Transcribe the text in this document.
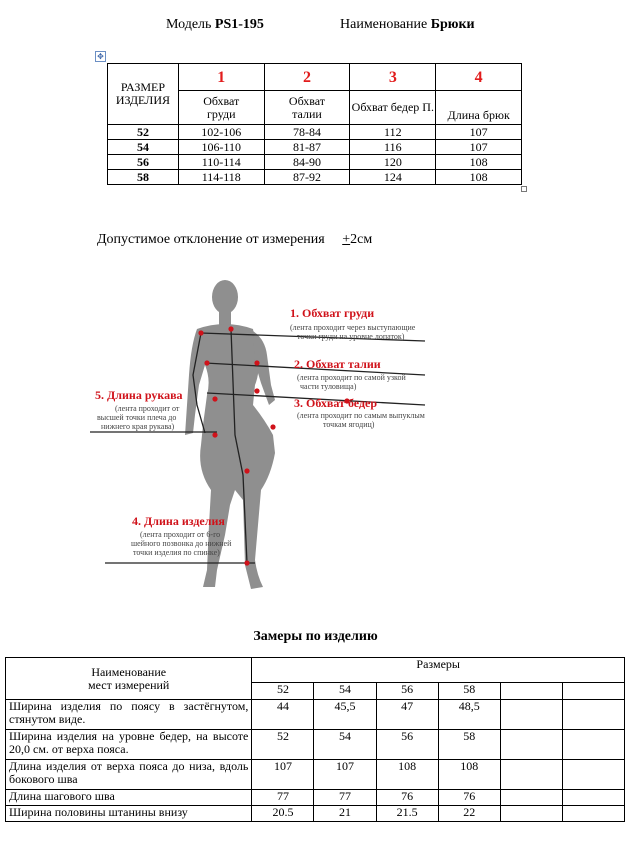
Модель PS1-195	Наименование Брюки
✥
РАЗМЕР
ИЗДЕЛИЯ	1	2	3	4
	Обхват груди	Обхват талии	Обхват бедер П.	Длина брюк
52	102-106	78-84	112	107
54	106-110	81-87	116	107
56	110-114	84-90	120	108
58	114-118	87-92	124	108
Допустимое отклонение от измерения +2см
1. Обхват груди
(лента проходит через выступающие
точки груди на уровне лопаток)
2. Обхват талии
(лента проходит по самой узкой
части туловища)
3. Обхват бедер
(лента проходит по самым выпуклым
точкам ягодиц)
5. Длина рукава
(лента проходит от
высшей точки плеча до
нижнего края рукава)
4. Длина изделия
(лента проходит от 6-го
шейного позвонка до нижней
точки изделия по спинке)
Замеры по изделию
Наименование
мест измерений	Размеры					
	52	54	56	58		
Ширина изделия по поясу в застёгнутом, стянутом виде.	44	45,5	47	48,5		
Ширина изделия на уровне бедер, на высоте 20,0 см. от верха пояса.	52	54	56	58		
Длина изделия от верха пояса до низа, вдоль бокового шва	107	107	108	108		
Длина шагового шва	77	77	76	76		
Ширина половины штанины внизу	20.5	21	21.5	22		
